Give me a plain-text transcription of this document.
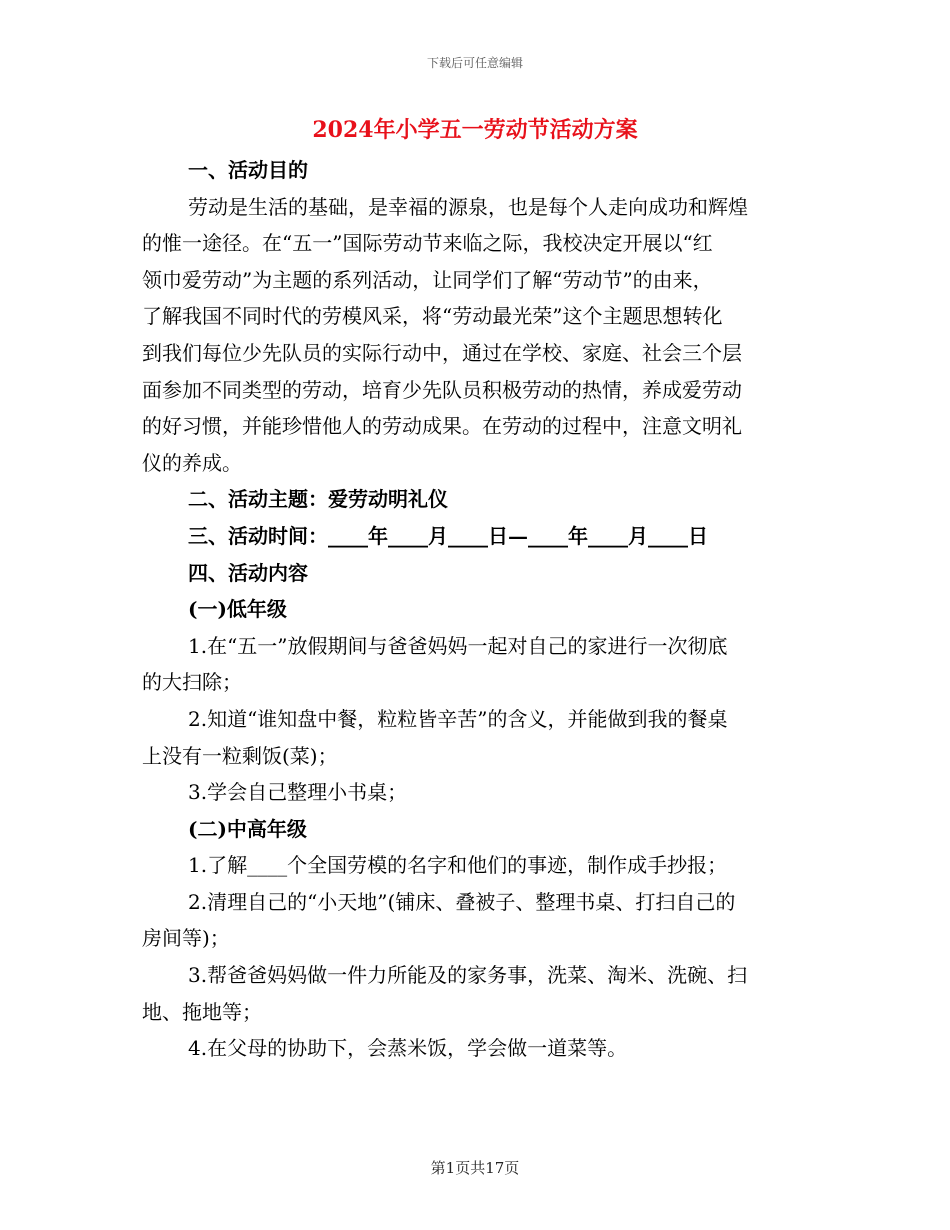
下载后可任意编辑
2024年小学五一劳动节活动方案
一、活动目的
劳动是生活的基础，是幸福的源泉，也是每个人走向成功和辉煌
的惟一途径。在“五一”国际劳动节来临之际，我校决定开展以“红
领巾爱劳动”为主题的系列活动，让同学们了解“劳动节”的由来，
了解我国不同时代的劳模风采，将“劳动最光荣”这个主题思想转化
到我们每位少先队员的实际行动中，通过在学校、家庭、社会三个层
面参加不同类型的劳动，培育少先队员积极劳动的热情，养成爱劳动
的好习惯，并能珍惜他人的劳动成果。在劳动的过程中，注意文明礼
仪的养成。
二、活动主题：爱劳动明礼仪
三、活动时间：____年____月____日—____年____月____日
四、活动内容
(一)低年级
1.在“五一”放假期间与爸爸妈妈一起对自己的家进行一次彻底
的大扫除；
2.知道“谁知盘中餐，粒粒皆辛苦”的含义，并能做到我的餐桌
上没有一粒剩饭(菜)；
3.学会自己整理小书桌；
(二)中高年级
1.了解____个全国劳模的名字和他们的事迹，制作成手抄报；
2.清理自己的“小天地”(铺床、叠被子、整理书桌、打扫自己的
房间等)；
3.帮爸爸妈妈做一件力所能及的家务事，洗菜、淘米、洗碗、扫
地、拖地等；
4.在父母的协助下，会蒸米饭，学会做一道菜等。
第1页共17页
